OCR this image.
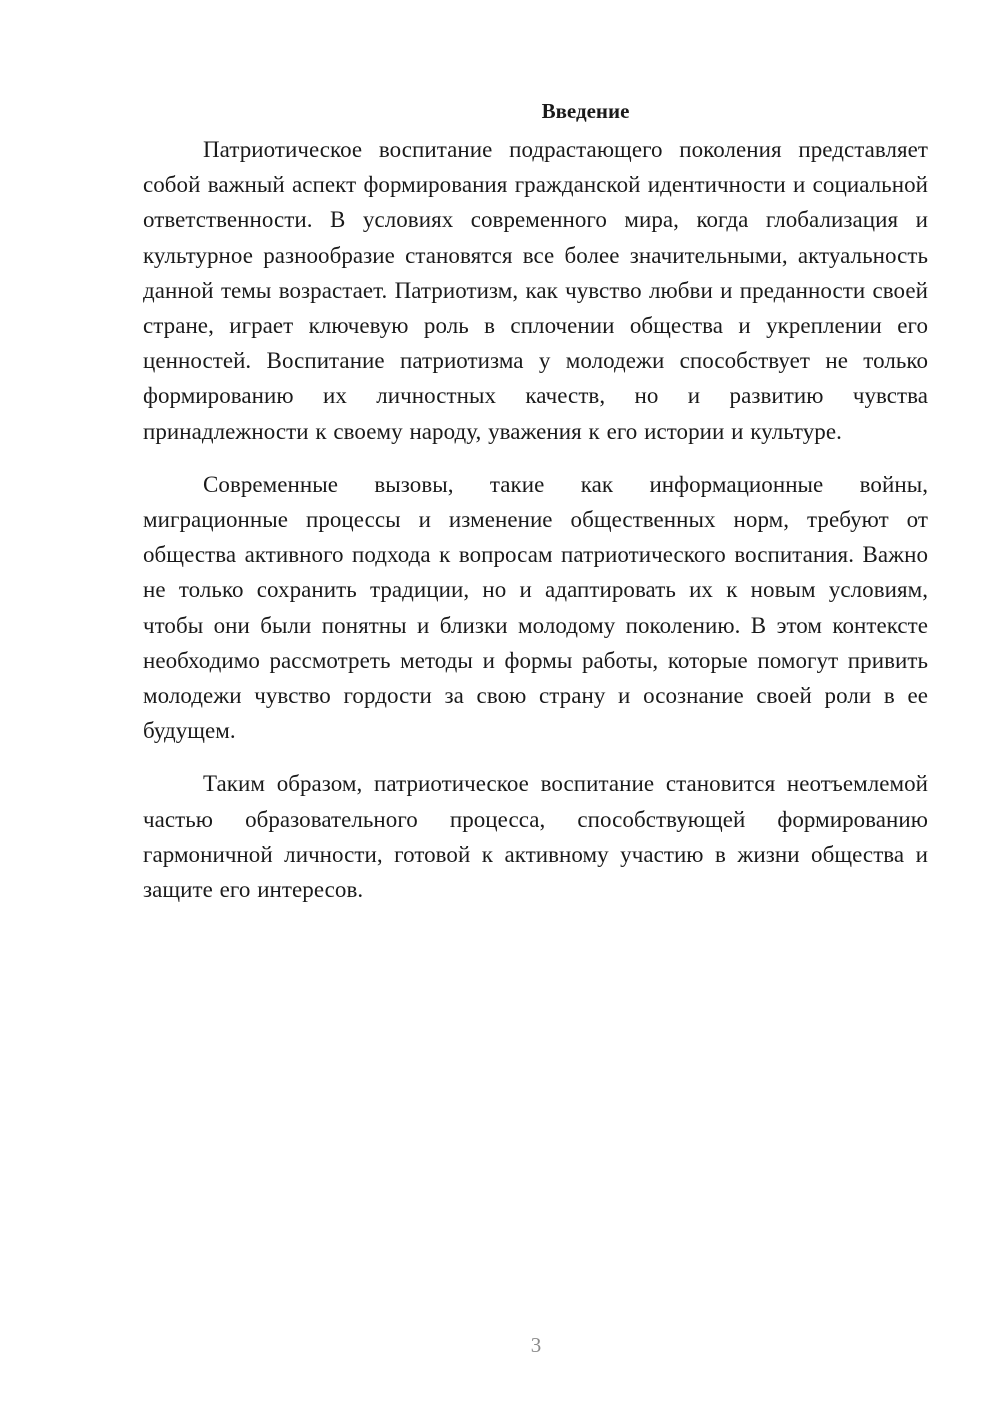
Введение

Патриотическое воспитание подрастающего поколения представляет собой важный аспект формирования гражданской идентичности и социальной ответственности. В условиях современного мира, когда глобализация и культурное разнообразие становятся все более значительными, актуальность данной темы возрастает. Патриотизм, как чувство любви и преданности своей стране, играет ключевую роль в сплочении общества и укреплении его ценностей. Воспитание патриотизма у молодежи способствует не только формированию их личностных качеств, но и развитию чувства принадлежности к своему народу, уважения к его истории и культуре.

Современные вызовы, такие как информационные войны, миграционные процессы и изменение общественных норм, требуют от общества активного подхода к вопросам патриотического воспитания. Важно не только сохранить традиции, но и адаптировать их к новым условиям, чтобы они были понятны и близки молодому поколению. В этом контексте необходимо рассмотреть методы и формы работы, которые помогут привить молодежи чувство гордости за свою страну и осознание своей роли в ее будущем.

Таким образом, патриотическое воспитание становится неотъемлемой частью образовательного процесса, способствующей формированию гармоничной личности, готовой к активному участию в жизни общества и защите его интересов.

3
